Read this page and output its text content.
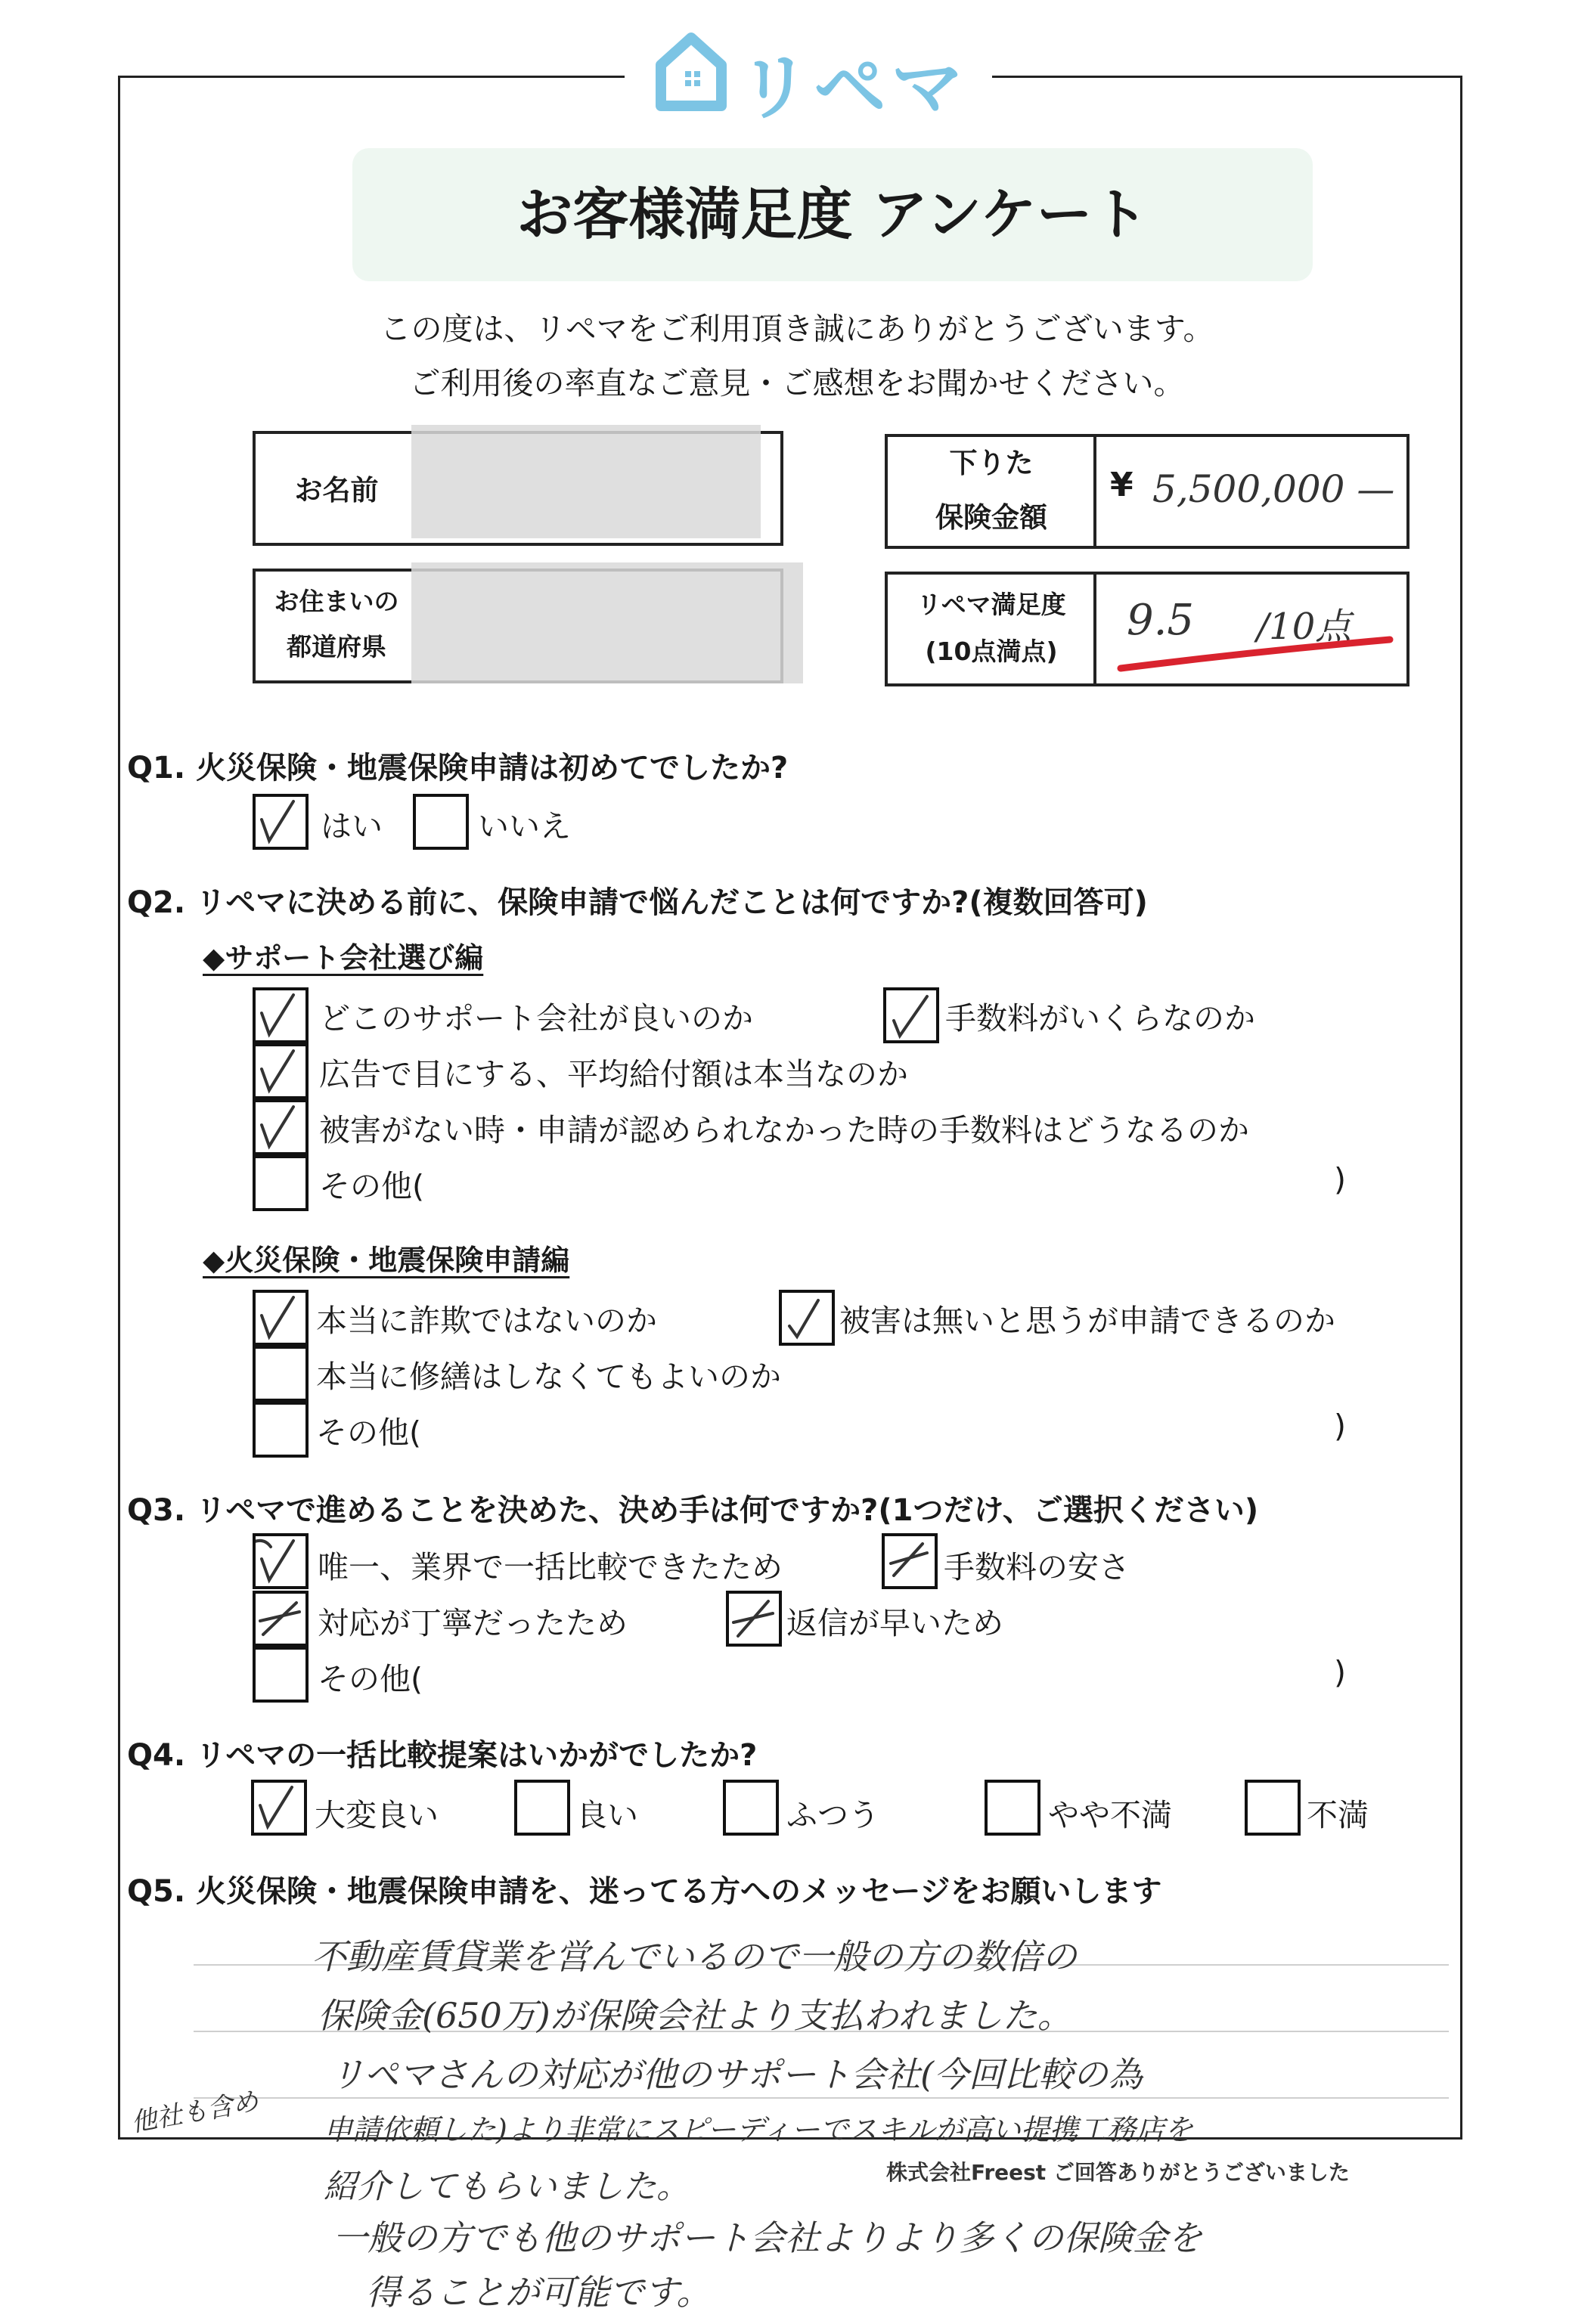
リペマ
お客様満足度 アンケート
この度は、リペマをご利用頂き誠にありがとうございます。
ご利用後の率直なご意見・ご感想をお聞かせください。
お名前
お住まいの
都道府県
下りた
保険金額
¥ 5,500,000 —
リペマ満足度
(10点満点)
9.5 /10点
Q1. 火災保険・地震保険申請は初めてでしたか?
はい	いいえ
Q2. リペマに決める前に、保険申請で悩んだことは何ですか?(複数回答可)
◆サポート会社選び編
どこのサポート会社が良いのか	手数料がいくらなのか
広告で目にする、平均給付額は本当なのか
被害がない時・申請が認められなかった時の手数料はどうなるのか
その他(	)
◆火災保険・地震保険申請編
本当に詐欺ではないのか	被害は無いと思うが申請できるのか
本当に修繕はしなくてもよいのか
その他(	)
Q3. リペマで進めることを決めた、決め手は何ですか?(1つだけ、ご選択ください)
唯一、業界で一括比較できたため	手数料の安さ
対応が丁寧だったため	返信が早いため
その他(	)
Q4. リペマの一括比較提案はいかがでしたか?
大変良い	良い	ふつう	やや不満	不満
Q5. 火災保険・地震保険申請を、迷ってる方へのメッセージをお願いします
不動産賃貸業を営んでいるので一般の方の数倍の
保険金(650万)が保険会社より支払われました。
リペマさんの対応が他のサポート会社(今回比較の為
申請依頼した)より非常にスピーディーでスキルが高い提携工務店を
紹介してもらいました。
一般の方でも他のサポート会社よりより多くの保険金を
得ることが可能です。
他社も含め
株式会社Freest ご回答ありがとうございました
